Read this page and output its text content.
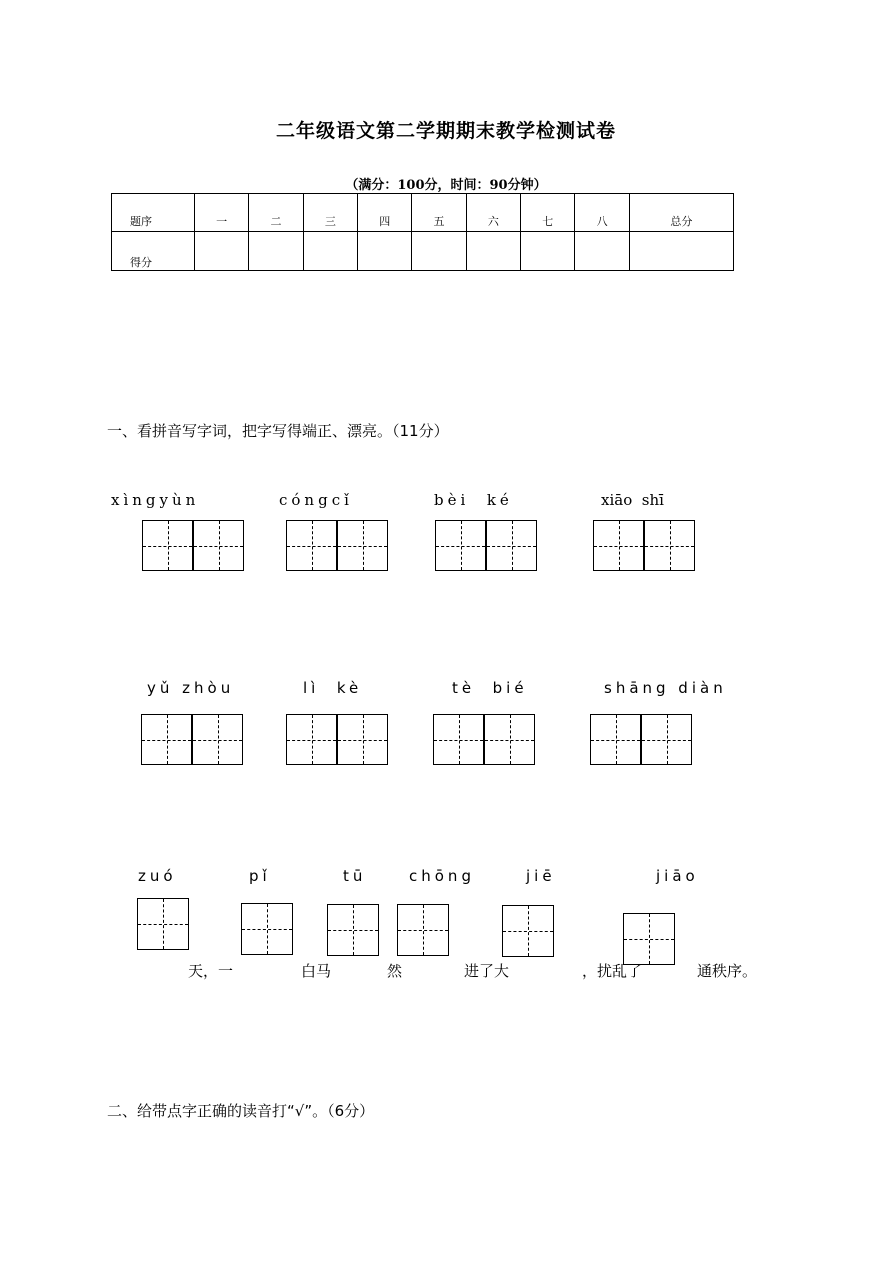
二年级语文第二学期期末教学检测试卷
（满分：100分，时间：90分钟）
题序	一	二	三	四	五	六	七	八	总分
得分									
一、看拼音写字词，把字写得端正、漂亮。（11分）
xìngyùn	cóngcǐ	bèi  ké	xiāo  shī
yǔ zhòu	lì  kè	tè  bié	shāng diàn
zuó	pǐ	tū	chōng	jiē	jiāo
天，一	白马	然	进了大	，扰乱了	通秩序。
二、给带点字正确的读音打“√”。（6分）
